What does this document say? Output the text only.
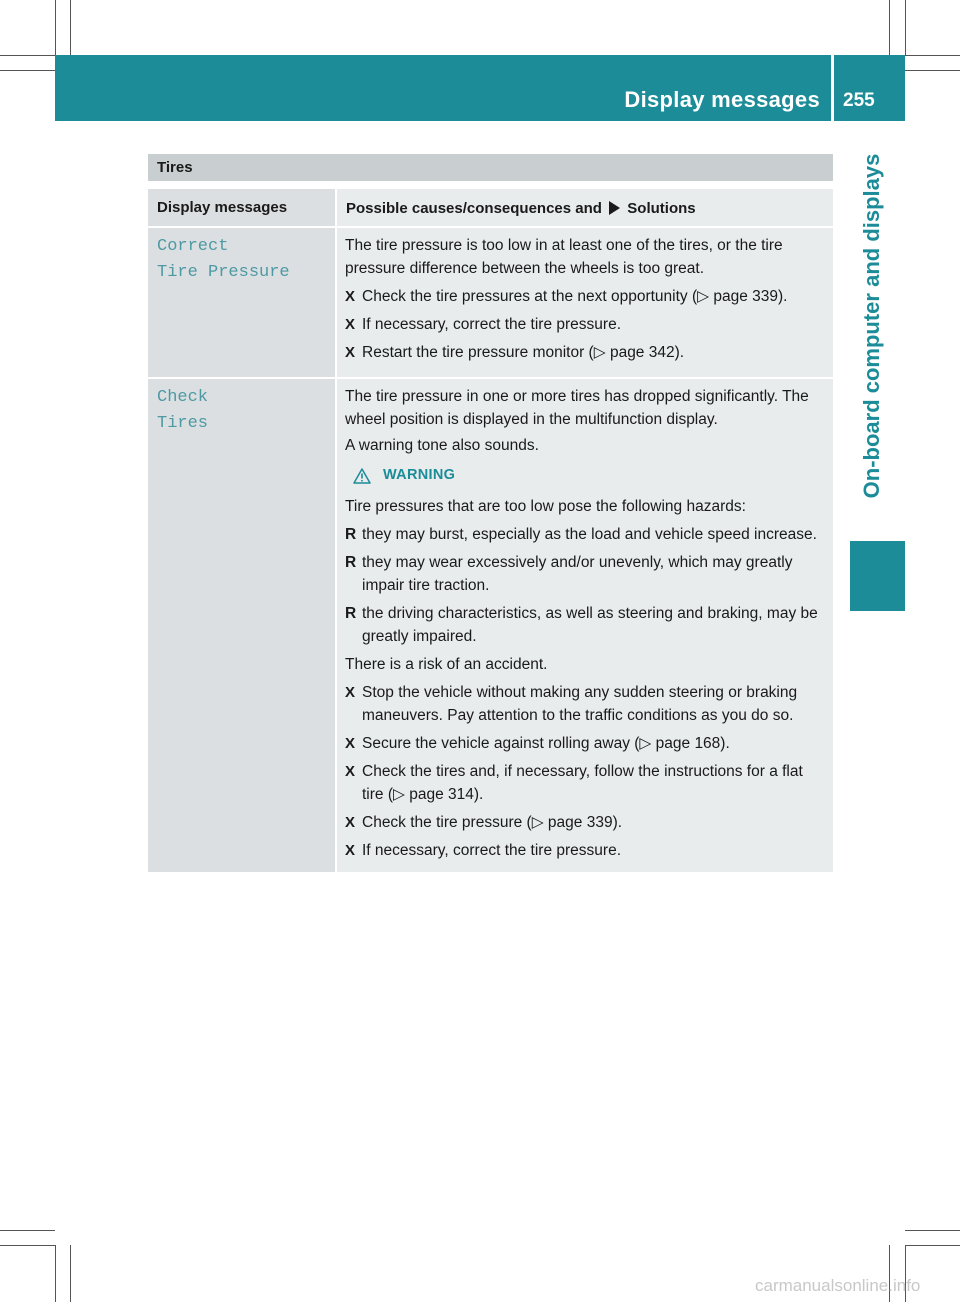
Display messages 255
On-board computer and displays
Tires
Display messages	Possible causes/consequences and Solutions
Correct
Tire Pressure

The tire pressure is too low in at least one of the tires, or the tire pressure difference between the wheels is too great.

X Check the tire pressures at the next opportunity (▷ page 339).
X If necessary, correct the tire pressure.
X Restart the tire pressure monitor (▷ page 342).
Check
Tires

The tire pressure in one or more tires has dropped significantly. The wheel position is displayed in the multifunction display.

A warning tone also sounds.

WARNING

Tire pressures that are too low pose the following hazards:

R they may burst, especially as the load and vehicle speed increase.
R they may wear excessively and/or unevenly, which may greatly impair tire traction.
R the driving characteristics, as well as steering and braking, may be greatly impaired.

There is a risk of an accident.

X Stop the vehicle without making any sudden steering or braking maneuvers. Pay attention to the traffic conditions as you do so.
X Secure the vehicle against rolling away (▷ page 168).
X Check the tires and, if necessary, follow the instructions for a flat tire (▷ page 314).
X Check the tire pressure (▷ page 339).
X If necessary, correct the tire pressure.
carmanualsonline.info
